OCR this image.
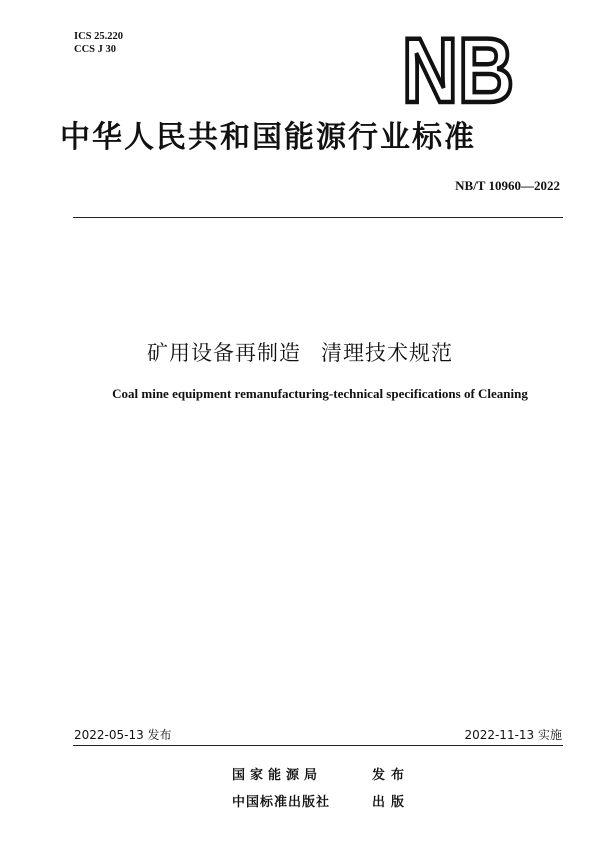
ICS 25.220
CCS J 30	NB
中华人民共和国能源行业标准
NB/T 10960—2022
矿用设备再制造 清理技术规范
Coal mine equipment remanufacturing-technical specifications of Cleaning
2022-05-13 发布	2022-11-13 实施
国家能源局	发布
中国标准出版社	出版
